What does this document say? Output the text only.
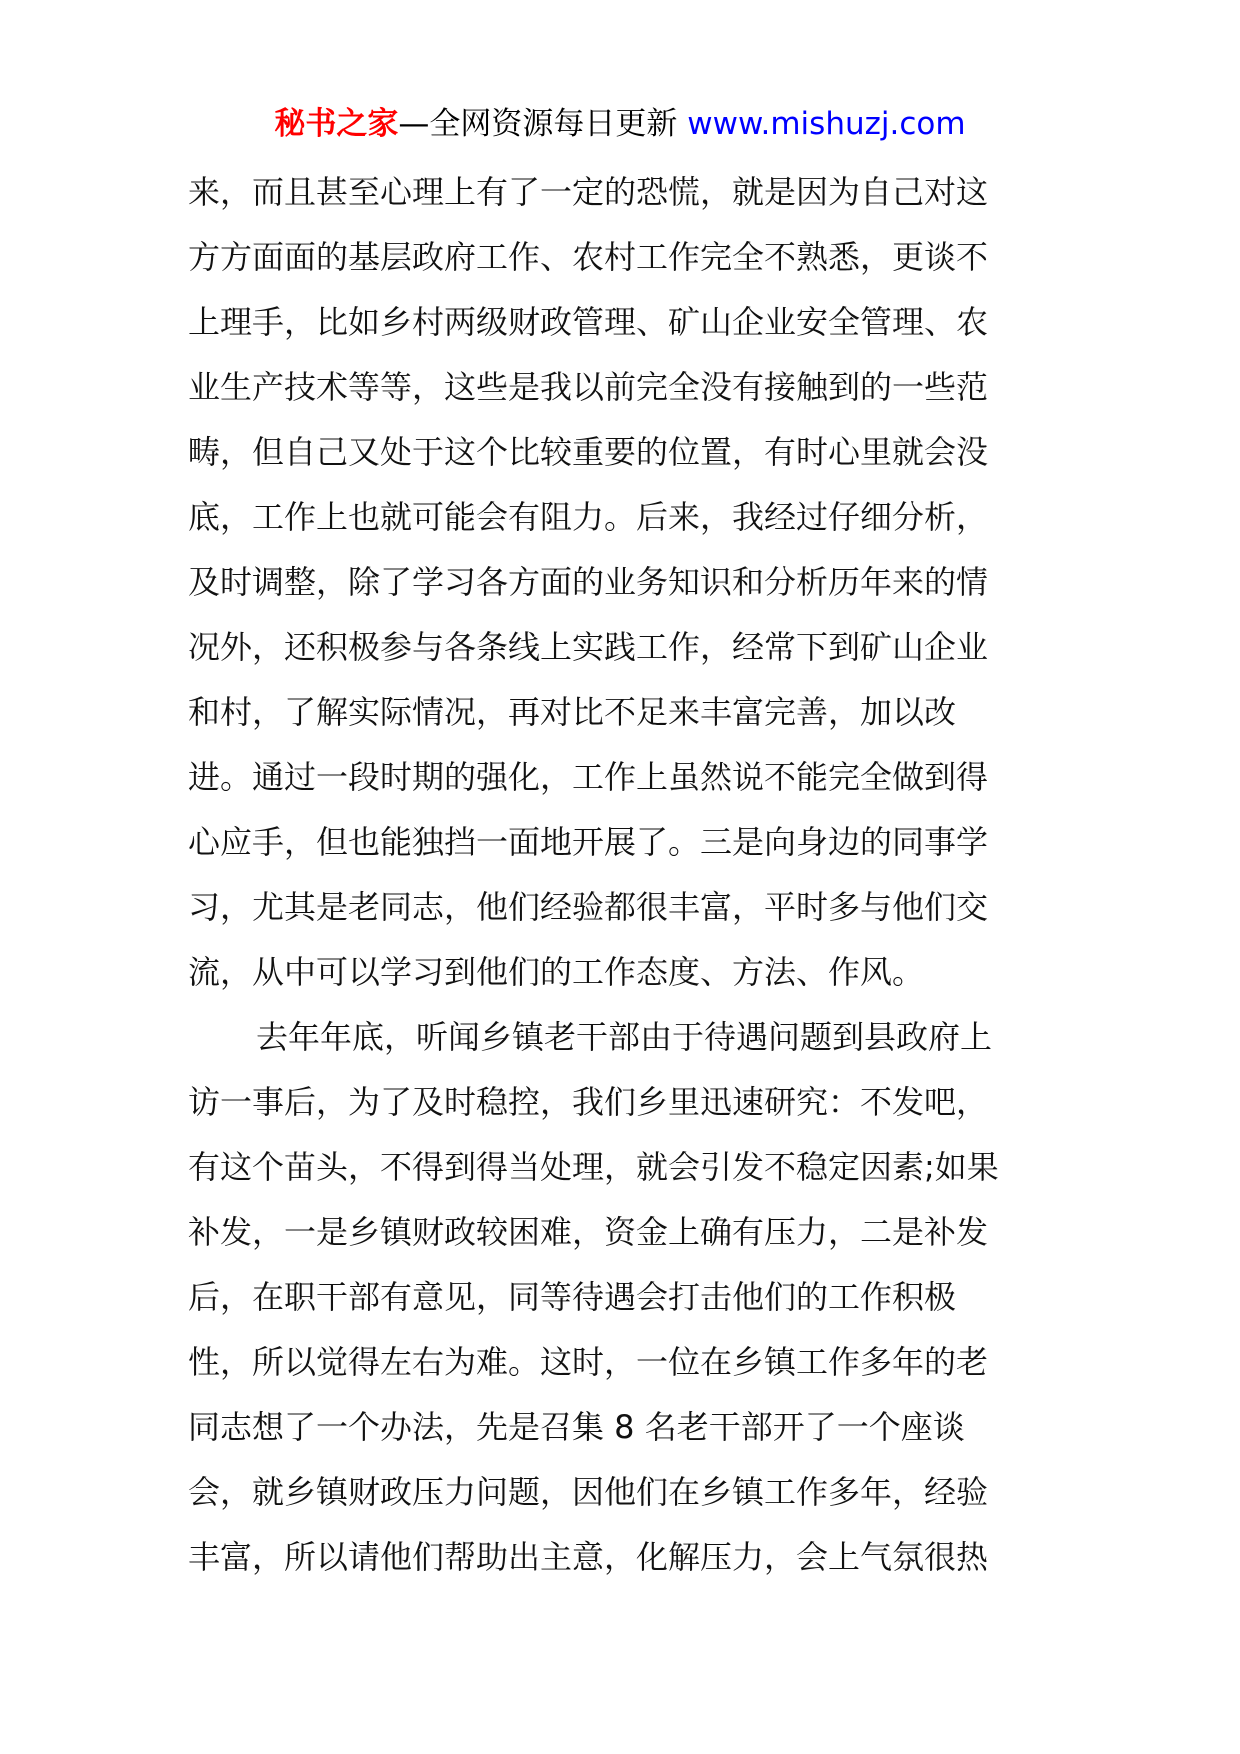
秘书之家—全网资源每日更新 www.mishuzj.com
来，而且甚至心理上有了一定的恐慌，就是因为自己对这
方方面面的基层政府工作、农村工作完全不熟悉，更谈不
上理手，比如乡村两级财政管理、矿山企业安全管理、农
业生产技术等等，这些是我以前完全没有接触到的一些范
畴，但自己又处于这个比较重要的位置，有时心里就会没
底，工作上也就可能会有阻力。后来，我经过仔细分析，
及时调整，除了学习各方面的业务知识和分析历年来的情
况外，还积极参与各条线上实践工作，经常下到矿山企业
和村，了解实际情况，再对比不足来丰富完善，加以改
进。通过一段时期的强化，工作上虽然说不能完全做到得
心应手，但也能独挡一面地开展了。三是向身边的同事学
习，尤其是老同志，他们经验都很丰富，平时多与他们交
流，从中可以学习到他们的工作态度、方法、作风。
去年年底，听闻乡镇老干部由于待遇问题到县政府上
访一事后，为了及时稳控，我们乡里迅速研究：不发吧，
有这个苗头，不得到得当处理，就会引发不稳定因素;如果
补发，一是乡镇财政较困难，资金上确有压力，二是补发
后，在职干部有意见，同等待遇会打击他们的工作积极
性，所以觉得左右为难。这时，一位在乡镇工作多年的老
同志想了一个办法，先是召集 8 名老干部开了一个座谈
会，就乡镇财政压力问题，因他们在乡镇工作多年，经验
丰富，所以请他们帮助出主意，化解压力，会上气氛很热
